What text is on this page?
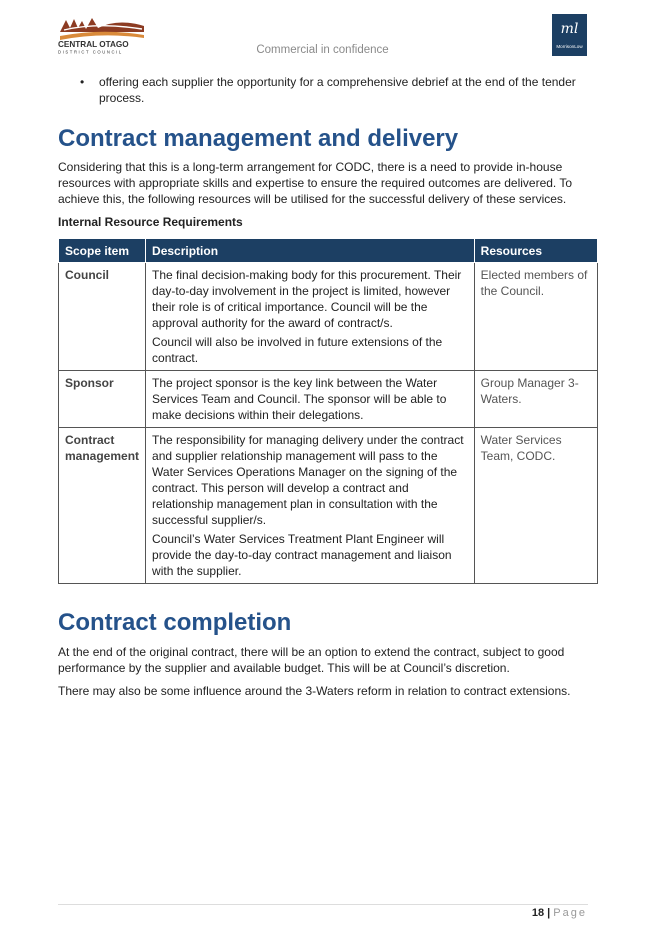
CENTRAL OTAGO
DISTRICT COUNCIL	Commercial in confidence
ml
MorrisonLow
• offering each supplier the opportunity for a comprehensive debrief at the end of the tender process.
Contract management and delivery

Considering that this is a long-term arrangement for CODC, there is a need to provide in-house resources with appropriate skills and expertise to ensure the required outcomes are delivered. To achieve this, the following resources will be utilised for the successful delivery of these services.

Internal Resource Requirements
Scope item	Description	Resources
Council	The final decision-making body for this procurement. Their day-to-day involvement in the project is limited, however their role is of critical importance. Council will be the approval authority for the award of contract/s.

Council will also be involved in future extensions of the contract.	Elected members of the Council.
Sponsor	The project sponsor is the key link between the Water Services Team and Council. The sponsor will be able to make decisions within their delegations.	Group Manager 3-Waters.
Contract management	The responsibility for managing delivery under the contract and supplier relationship management will pass to the Water Services Operations Manager on the signing of the contract. This person will develop a contract and relationship management plan in consultation with the successful supplier/s.

Council’s Water Services Treatment Plant Engineer will provide the day-to-day contract management and liaison with the supplier.	Water Services Team, CODC.
Contract completion

At the end of the original contract, there will be an option to extend the contract, subject to good performance by the supplier and available budget. This will be at Council’s discretion.

There may also be some influence around the 3-Waters reform in relation to contract extensions.

18 | Page
